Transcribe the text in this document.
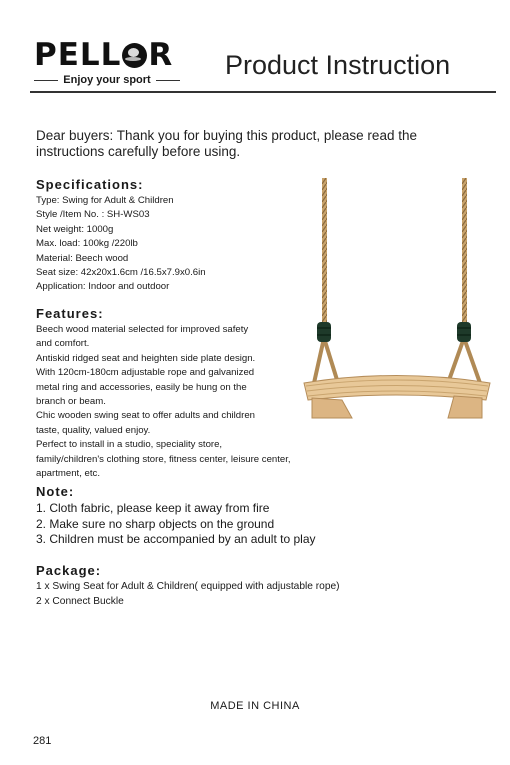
PELL R
Enjoy your sport	Product Instruction
Dear buyers: Thank you for buying this product, please read the instructions carefully before using.
Specifications:
Type: Swing for Adult & Children
Style /Item No. : SH-WS03
Net weight: 1000g
Max. load: 100kg /220lb
Material: Beech wood
Seat size: 42x20x1.6cm /16.5x7.9x0.6in
Application: Indoor and outdoor
Features:
Beech wood material selected for improved safety
and comfort.
Antiskid ridged seat and heighten side plate design.
With 120cm-180cm adjustable rope and galvanized
metal ring and accessories, easily be hung on the
branch or beam.
Chic wooden swing seat to offer adults and children
taste, quality, valued enjoy.
Perfect to install in a studio, speciality store,
family/children's clothing store, fitness center, leisure center,
apartment, etc.
Note:
1. Cloth fabric, please keep it away from fire
2. Make sure no sharp objects on the ground
3. Children must be accompanied by an adult to play
Package:
1 x Swing Seat for Adult & Children( equipped with adjustable rope)
2 x Connect Buckle
MADE IN CHINA
281
